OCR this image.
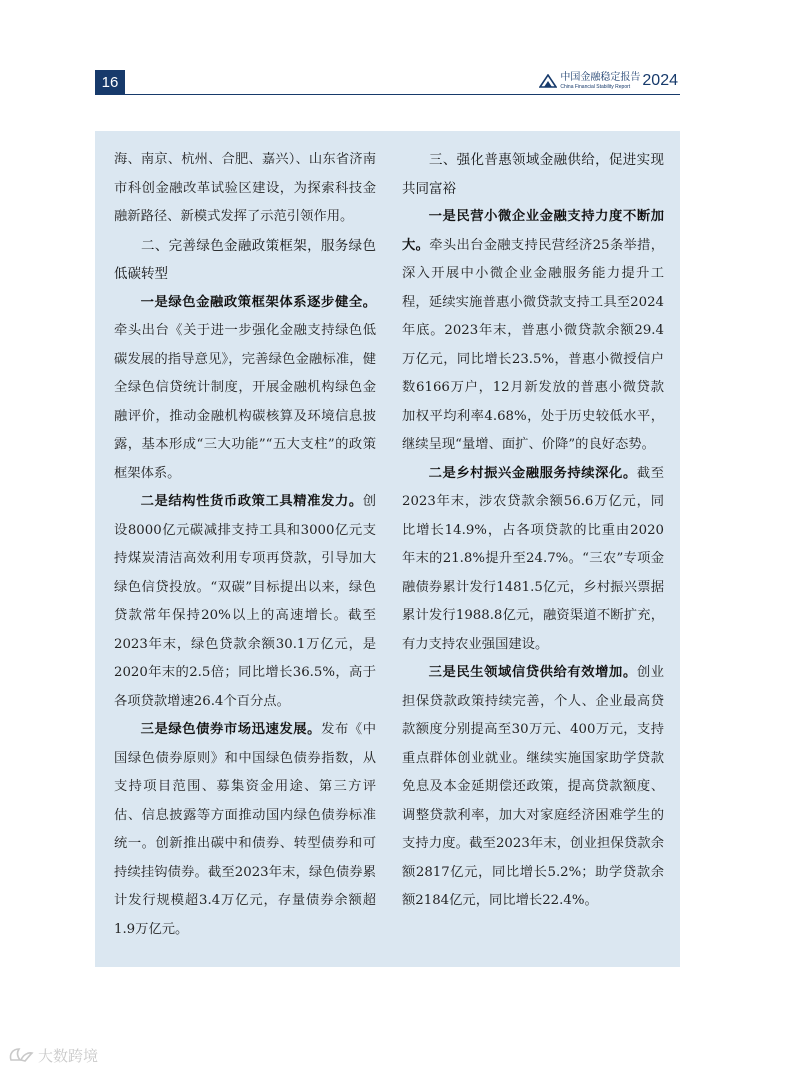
16	中国金融稳定报告
China Financial Stability Report 2024

海、南京、杭州、合肥、嘉兴）、山东省济南市科创金融改革试验区建设，为探索科技金融新路径、新模式发挥了示范引领作用。

二、完善绿色金融政策框架，服务绿色低碳转型

一是绿色金融政策框架体系逐步健全。牵头出台《关于进一步强化金融支持绿色低碳发展的指导意见》，完善绿色金融标准，健全绿色信贷统计制度，开展金融机构绿色金融评价，推动金融机构碳核算及环境信息披露，基本形成“三大功能”“五大支柱”的政策框架体系。

二是结构性货币政策工具精准发力。创设8000亿元碳减排支持工具和3000亿元支持煤炭清洁高效利用专项再贷款，引导加大绿色信贷投放。“双碳”目标提出以来，绿色贷款常年保持20%以上的高速增长。截至2023年末，绿色贷款余额30.1万亿元，是2020年末的2.5倍；同比增长36.5%，高于各项贷款增速26.4个百分点。

三是绿色债券市场迅速发展。发布《中国绿色债券原则》和中国绿色债券指数，从支持项目范围、募集资金用途、第三方评估、信息披露等方面推动国内绿色债券标准统一。创新推出碳中和债券、转型债券和可持续挂钩债券。截至2023年末，绿色债券累计发行规模超3.4万亿元，存量债券余额超1.9万亿元。

三、强化普惠领域金融供给，促进实现共同富裕

一是民营小微企业金融支持力度不断加大。牵头出台金融支持民营经济25条举措，深入开展中小微企业金融服务能力提升工程，延续实施普惠小微贷款支持工具至2024年底。2023年末，普惠小微贷款余额29.4万亿元，同比增长23.5%，普惠小微授信户数6166万户，12月新发放的普惠小微贷款加权平均利率4.68%，处于历史较低水平，继续呈现“量增、面扩、价降”的良好态势。

二是乡村振兴金融服务持续深化。截至2023年末，涉农贷款余额56.6万亿元，同比增长14.9%，占各项贷款的比重由2020年末的21.8%提升至24.7%。“三农”专项金融债券累计发行1481.5亿元，乡村振兴票据累计发行1988.8亿元，融资渠道不断扩充，有力支持农业强国建设。

三是民生领域信贷供给有效增加。创业担保贷款政策持续完善，个人、企业最高贷款额度分别提高至30万元、400万元，支持重点群体创业就业。继续实施国家助学贷款免息及本金延期偿还政策，提高贷款额度、调整贷款利率，加大对家庭经济困难学生的支持力度。截至2023年末，创业担保贷款余额2817亿元，同比增长5.2%；助学贷款余额2184亿元，同比增长22.4%。

大数跨境
